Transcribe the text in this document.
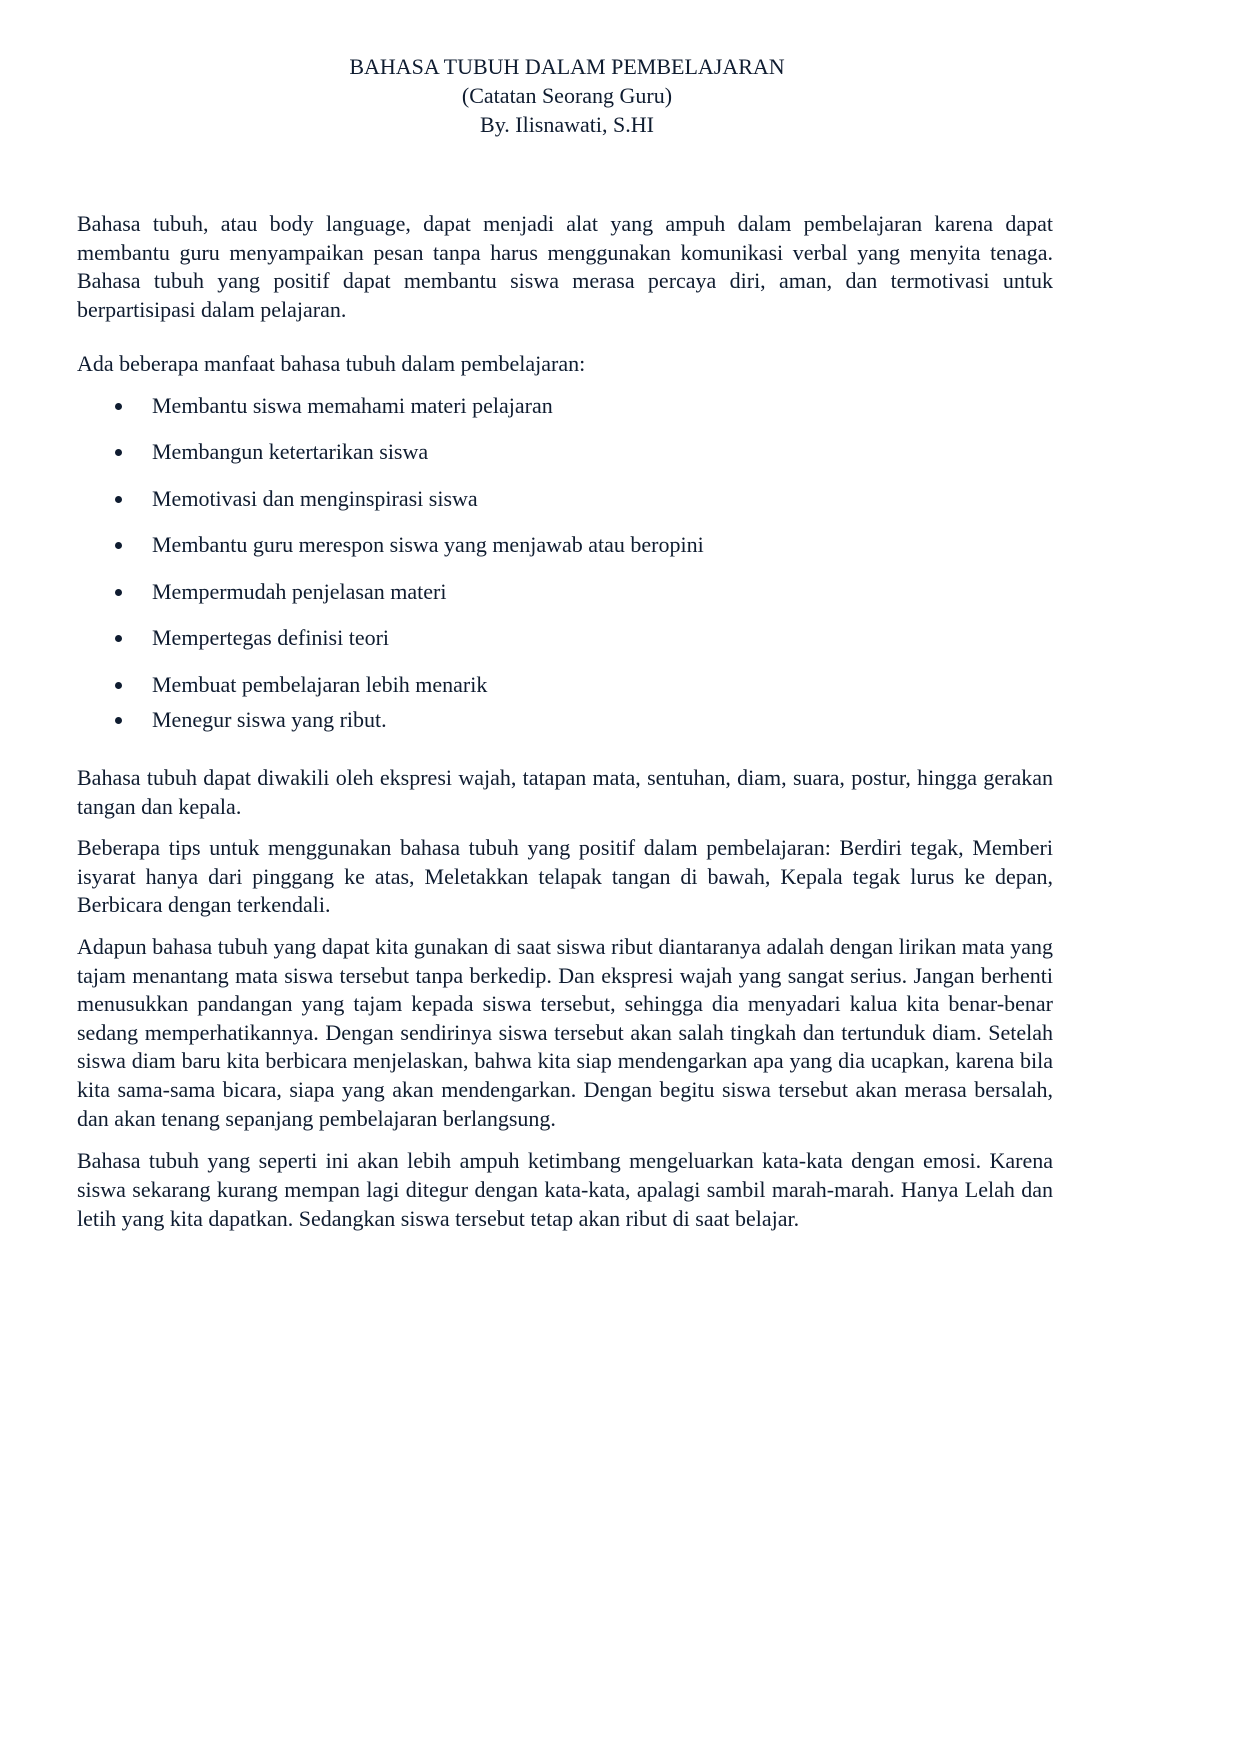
BAHASA TUBUH DALAM PEMBELAJARAN
(Catatan Seorang Guru)
By. Ilisnawati, S.HI

Bahasa tubuh, atau body language, dapat menjadi alat yang ampuh dalam pembelajaran karena dapat membantu guru menyampaikan pesan tanpa harus menggunakan komunikasi verbal yang menyita tenaga. Bahasa tubuh yang positif dapat membantu siswa merasa percaya diri, aman, dan termotivasi untuk berpartisipasi dalam pelajaran.

Ada beberapa manfaat bahasa tubuh dalam pembelajaran:

Membantu siswa memahami materi pelajaran
Membangun ketertarikan siswa
Memotivasi dan menginspirasi siswa
Membantu guru merespon siswa yang menjawab atau beropini
Mempermudah penjelasan materi
Mempertegas definisi teori
Membuat pembelajaran lebih menarik
Menegur siswa yang ribut.

Bahasa tubuh dapat diwakili oleh ekspresi wajah, tatapan mata, sentuhan, diam, suara, postur, hingga gerakan tangan dan kepala.

Beberapa tips untuk menggunakan bahasa tubuh yang positif dalam pembelajaran: Berdiri tegak, Memberi isyarat hanya dari pinggang ke atas, Meletakkan telapak tangan di bawah, Kepala tegak lurus ke depan, Berbicara dengan terkendali.

Adapun bahasa tubuh yang dapat kita gunakan di saat siswa ribut diantaranya adalah dengan lirikan mata yang tajam menantang mata siswa tersebut tanpa berkedip. Dan ekspresi wajah yang sangat serius. Jangan berhenti menusukkan pandangan yang tajam kepada siswa tersebut, sehingga dia menyadari kalua kita benar-benar sedang memperhatikannya. Dengan sendirinya siswa tersebut akan salah tingkah dan tertunduk diam. Setelah siswa diam baru kita berbicara menjelaskan, bahwa kita siap mendengarkan apa yang dia ucapkan, karena bila kita sama-sama bicara, siapa yang akan mendengarkan. Dengan begitu siswa tersebut akan merasa bersalah, dan akan tenang sepanjang pembelajaran berlangsung.

Bahasa tubuh yang seperti ini akan lebih ampuh ketimbang mengeluarkan kata-kata dengan emosi. Karena siswa sekarang kurang mempan lagi ditegur dengan kata-kata, apalagi sambil marah-marah. Hanya Lelah dan letih yang kita dapatkan. Sedangkan siswa tersebut tetap akan ribut di saat belajar.
